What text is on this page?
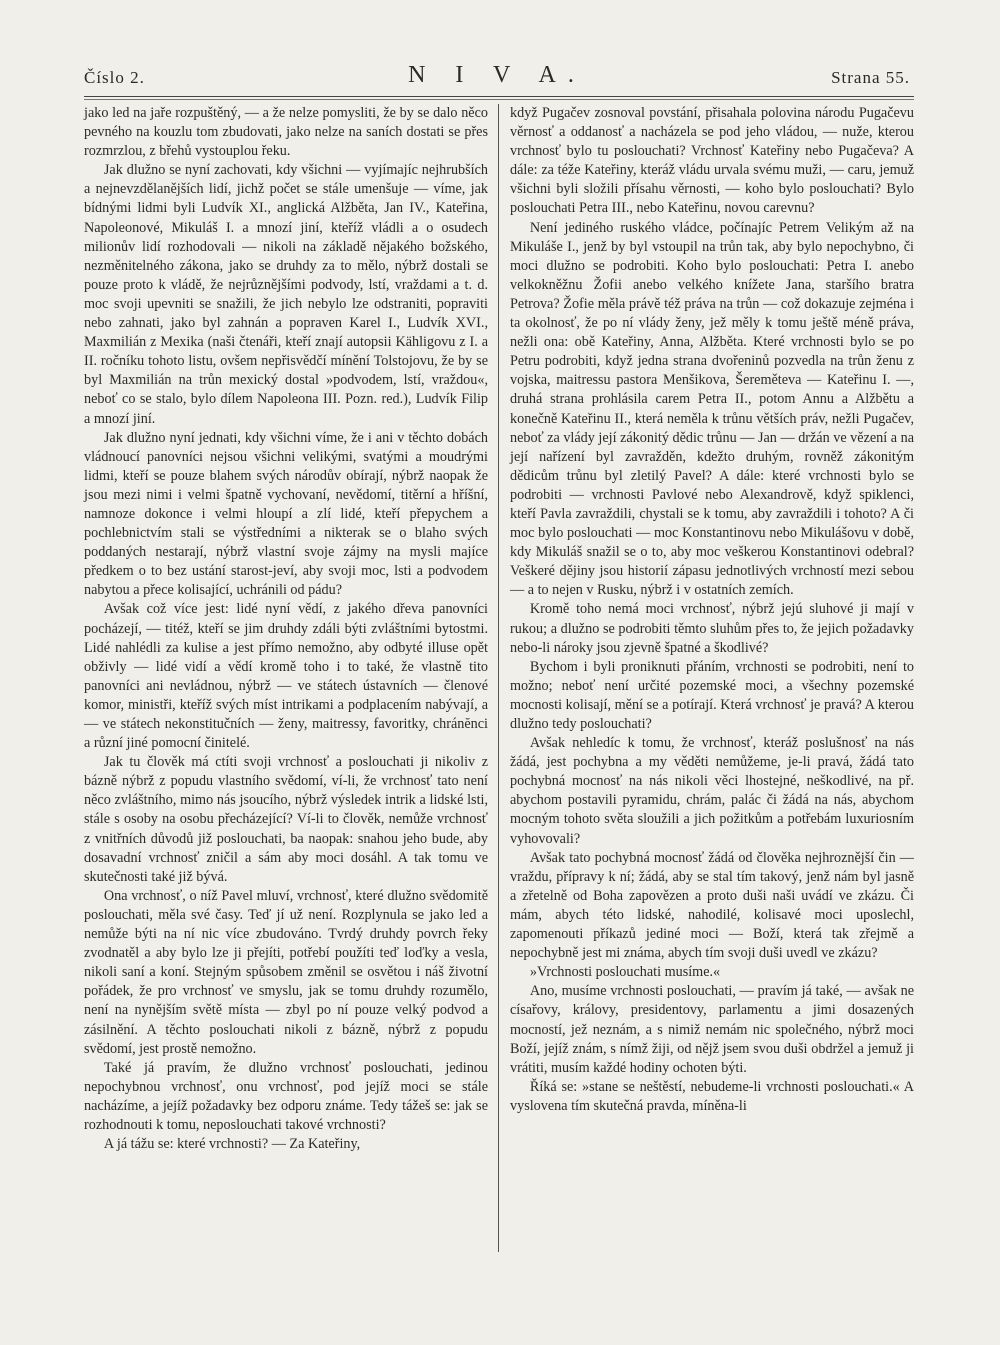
Číslo 2.	N I V A.	Strana 55.

jako led na jaře rozpuštěný, — a že nelze pomysliti, že by se dalo něco pevného na kouzlu tom zbudovati, jako nelze na saních dostati se přes rozmrzlou, z břehů vystouplou řeku.

Jak dlužno se nyní zachovati, kdy všichni — vyjímajíc nejhrubších a nejnevzdělanějších lidí, jichž počet se stále umenšuje — víme, jak bídnými lidmi byli Ludvík XI., anglická Alžběta, Jan IV., Kateřina, Napoleonové, Mikuláš I. a mnozí jiní, kteříž vládli a o osudech milionův lidí rozhodovali — nikoli na základě nějakého božského, nezměnitelného zákona, jako se druhdy za to mělo, nýbrž dostali se pouze proto k vládě, že nejrůznějšími podvody, lstí, vraždami a t. d. moc svoji upevniti se snažili, že jich nebylo lze odstraniti, popraviti nebo zahnati, jako byl zahnán a popraven Karel I., Ludvík XVI., Maxmilián z Mexika (naši čtenáři, kteří znají autopsii Kähligovu z I. a II. ročníku tohoto listu, ovšem nepřisvědčí mínění Tolstojovu, že by se byl Maxmilián na trůn mexický dostal »podvodem, lstí, vraždou«, neboť co se stalo, bylo dílem Napoleona III. Pozn. red.), Ludvík Filip a mnozí jiní.

Jak dlužno nyní jednati, kdy všichni víme, že i ani v těchto dobách vládnoucí panovníci nejsou všichni velikými, svatými a moudrými lidmi, kteří se pouze blahem svých národův obírají, nýbrž naopak že jsou mezi nimi i velmi špatně vychovaní, nevědomí, titěrní a hříšní, namnoze dokonce i velmi hloupí a zlí lidé, kteří přepychem a pochlebnictvím stali se výstředními a nikterak se o blaho svých poddaných nestarají, nýbrž vlastní svoje zájmy na mysli majíce předkem o to bez ustání starost-jeví, aby svoji moc, lsti a podvodem nabytou a přece kolisající, uchránili od pádu?

Avšak což více jest: lidé nyní vědí, z jakého dřeva panovníci pocházejí, — titéž, kteří se jim druhdy zdáli býti zvláštními bytostmi. Lidé nahlédli za kulise a jest přímo nemožno, aby odbyté illuse opět obživly — lidé vidí a vědí kromě toho i to také, že vlastně tito panovníci ani nevládnou, nýbrž — ve státech ústavních — členové komor, ministři, kteříž svých míst intrikami a podplacením nabývají, a — ve státech nekonstitučních — ženy, maitressy, favoritky, chránĕnci a různí jiné pomocní činitelé.

Jak tu člověk má ctíti svoji vrchnosť a poslouchati ji nikoliv z bázně nýbrž z popudu vlastního svědomí, ví-li, že vrchnosť tato není něco zvláštního, mimo nás jsoucího, nýbrž výsledek intrik a lidské lsti, stále s osoby na osobu přecházející? Ví-li to člověk, nemůže vrchnosť z vnitřních důvodů již poslouchati, ba naopak: snahou jeho bude, aby dosavadní vrchnosť zničil a sám aby moci dosáhl. A tak tomu ve skutečnosti také již bývá.

Ona vrchnosť, o níž Pavel mluví, vrchnosť, které dlužno svědomitě poslouchati, měla své časy. Teď jí už není. Rozplynula se jako led a nemůže býti na ní nic více zbudováno. Tvrdý druhdy povrch řeky zvodnatěl a aby bylo lze ji přejíti, potřebí použíti teď loďky a vesla, nikoli saní a koní. Stejným spůsobem změnil se osvětou i náš životní pořádek, že pro vrchnosť ve smyslu, jak se tomu druhdy rozumělo, není na nynějším světě místa — zbyl po ní pouze velký podvod a zásilnění. A těchto poslouchati nikoli z bázně, nýbrž z popudu svědomí, jest prostě nemožno.

Také já pravím, že dlužno vrchnosť poslouchati, jedinou nepochybnou vrchnosť, onu vrchnosť, pod jejíž moci se stále nacházíme, a jejíž požadavky bez odporu známe. Tedy tážeš se: jak se rozhodnouti k tomu, neposlouchati takové vrchnosti?

A já tážu se: které vrchnosti? — Za Kateřiny,

když Pugačev zosnoval povstání, přisahala polovina národu Pugačevu věrnosť a oddanosť a nacházela se pod jeho vládou, — nuže, kterou vrchnosť bylo tu poslouchati? Vrchnosť Kateřiny nebo Pugačeva? A dále: za téže Kateřiny, kteráž vládu urvala svému muži, — caru, jemuž všichni byli složili přísahu věrnosti, — koho bylo poslouchati? Bylo poslouchati Petra III., nebo Kateřinu, novou carevnu?

Není jediného ruského vládce, počínajíc Petrem Velikým až na Mikuláše I., jenž by byl vstoupil na trůn tak, aby bylo nepochybno, či moci dlužno se podrobiti. Koho bylo poslouchati: Petra I. anebo velkokněžnu Žofii anebo velkého knížete Jana, staršího bratra Petrova? Žofie měla právě též práva na trůn — což dokazuje zejména i ta okolnosť, že po ní vlády ženy, jež měly k tomu ještě méně práva, nežli ona: obě Kateřiny, Anna, Alžběta. Které vrchnosti bylo se po Petru podrobiti, když jedna strana dvořeninů pozvedla na trůn ženu z vojska, maitressu pastora Menšikova, Šereměteva — Kateřinu I. —, druhá strana prohlásila carem Petra II., potom Annu a Alžbětu a konečně Kateřinu II., která neměla k trůnu větších práv, nežli Pugačev, neboť za vlády její zákonitý dědic trůnu — Jan — držán ve vězení a na její nařízení byl zavražděn, kdežto druhým, rovněž zákonitým dědicům trůnu byl zletilý Pavel? A dále: které vrchnosti bylo se podrobiti — vrchnosti Pavlové nebo Alexandrově, když spiklenci, kteří Pavla zavraždili, chystali se k tomu, aby zavraždili i tohoto? A či moc bylo poslouchati — moc Konstantinovu nebo Mikulášovu v době, kdy Mikuláš snažil se o to, aby moc veškerou Konstantinovi odebral? Veškeré dějiny jsou historií zápasu jednotlivých vrchností mezi sebou — a to nejen v Rusku, nýbrž i v ostatních zemích.

Kromě toho nemá moci vrchnosť, nýbrž jejú sluhové ji mají v rukou; a dlužno se podrobiti těmto sluhům přes to, že jejich požadavky nebo-li nároky jsou zjevně špatné a škodlivé?

Bychom i byli proniknuti přáním, vrchnosti se podrobiti, není to možno; neboť není určité pozemské moci, a všechny pozemské mocnosti kolisají, mění se a potírají. Která vrchnosť je pravá? A kterou dlužno tedy poslouchati?

Avšak nehledíc k tomu, že vrchnosť, kteráž poslušnosť na nás žádá, jest pochybna a my věděti nemůžeme, je-li pravá, žádá tato pochybná mocnosť na nás nikoli věci lhostejné, neškodlivé, na př. abychom postavili pyramidu, chrám, palác či žádá na nás, abychom mocným tohoto světa sloužili a jich požitkům a potřebám luxuriosním vyhovovali?

Avšak tato pochybná mocnosť žádá od člověka nejhroznější čin — vraždu, přípravy k ní; žádá, aby se stal tím takový, jenž nám byl jasně a zřetelně od Boha zapovězen a proto duši naši uvádí ve zkázu. Či mám, abych této lidské, nahodilé, kolisavé moci uposlechl, zapomenouti příkazů jediné moci — Boží, která tak zřejmě a nepochybně jest mi známa, abych tím svoji duši uvedl ve zkázu?

»Vrchnosti poslouchati musíme.«

Ano, musíme vrchnosti poslouchati, — pravím já také, — avšak ne císařovy, královy, presidentovy, parlamentu a jimi dosazených mocností, jež neznám, a s nimiž nemám nic společného, nýbrž moci Boží, jejíž znám, s nímž žiji, od nějž jsem svou duši obdržel a jemuž ji vrátiti, musím každé hodiny ochoten býti.

Říká se: »stane se neštěstí, nebudeme-li vrchnosti poslouchati.« A vyslovena tím skutečná pravda, míněna-li
